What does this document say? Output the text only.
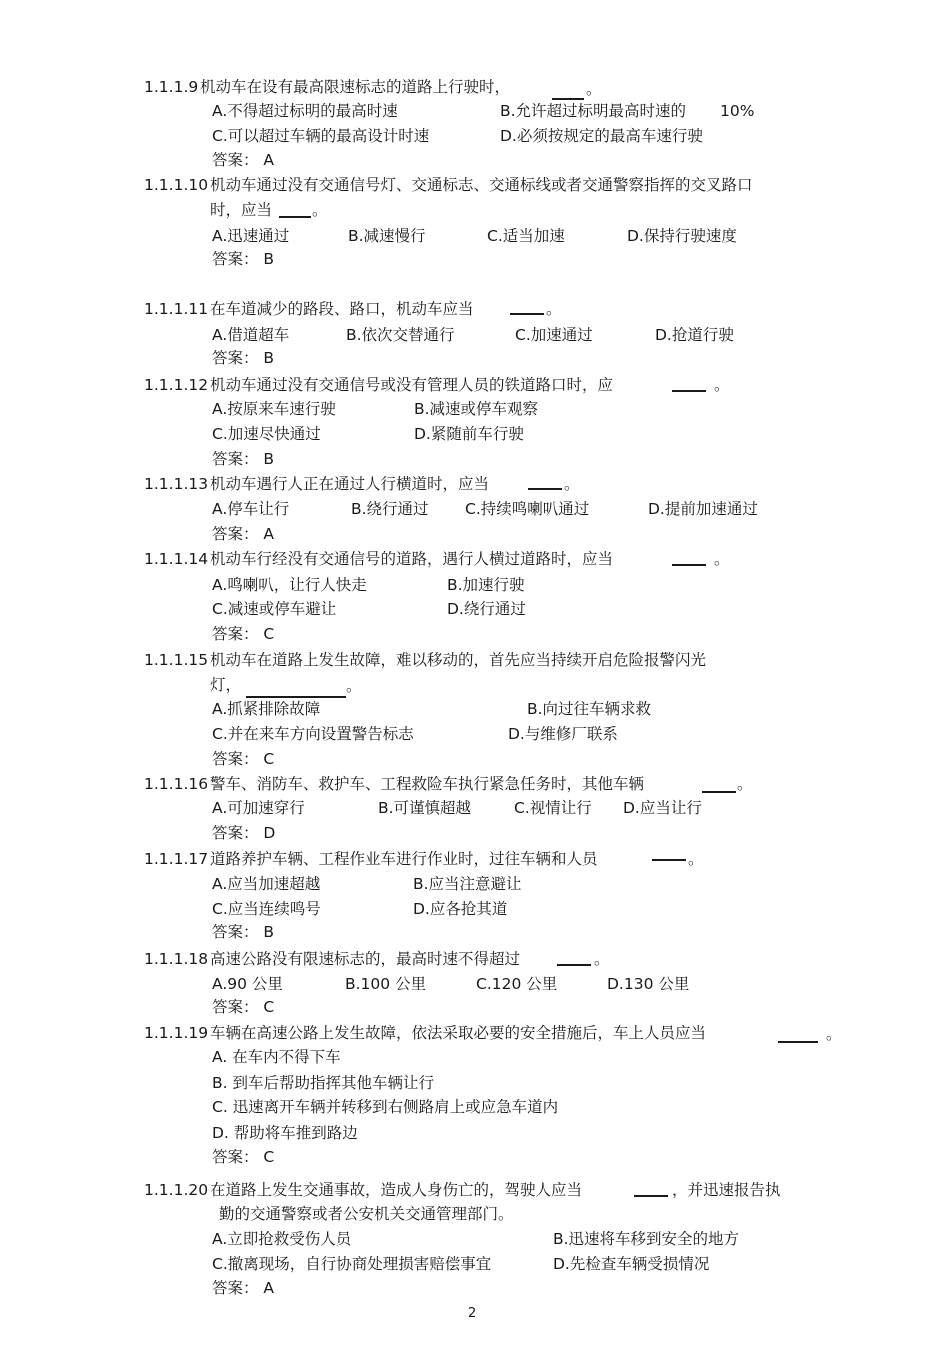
1.1.1.9 机动车在设有最高限速标志的道路上行驶时，	。
A.不得超过标明的最高时速	B.允许超过标明最高时速的 10%
C.可以超过车辆的最高设计时速	D.必须按规定的最高车速行驶
答案： A
1.1.1.10 机动车通过没有交通信号灯、交通标志、交通标线或者交通警察指挥的交叉路口
时，应当	。
A.迅速通过	B.减速慢行	C.适当加速	D.保持行驶速度
答案： B
1.1.1.11 在车道减少的路段、路口，机动车应当	。
A.借道超车	B.依次交替通行	C.加速通过	D.抢道行驶
答案： B
1.1.1.12 机动车通过没有交通信号或没有管理人员的铁道路口时，应	。
A.按原来车速行驶	B.减速或停车观察
C.加速尽快通过	D.紧随前车行驶
答案： B
1.1.1.13 机动车遇行人正在通过人行横道时，应当	。
A.停车让行	B.绕行通过 C.持续鸣喇叭通过	D.提前加速通过
答案： A
1.1.1.14 机动车行经没有交通信号的道路，遇行人横过道路时，应当	。
A.鸣喇叭，让行人快走	B.加速行驶
C.减速或停车避让	D.绕行通过
答案： C
1.1.1.15 机动车在道路上发生故障，难以移动的，首先应当持续开启危险报警闪光
灯，	。
A.抓紧排除故障	B.向过往车辆求救
C.并在来车方向设置警告标志	D.与维修厂联系
答案： C
1.1.1.16 警车、消防车、救护车、工程救险车执行紧急任务时，其他车辆	。
A.可加速穿行	B.可谨慎超越	C.视情让行 D.应当让行
答案： D
1.1.1.17 道路养护车辆、工程作业车进行作业时，过往车辆和人员	。
A.应当加速超越	B.应当注意避让
C.应当连续鸣号	D.应各抢其道
答案： B
1.1.1.18 高速公路没有限速标志的，最高时速不得超过	。
A.90 公里	B.100 公里	C.120 公里	D.130 公里
答案： C
1.1.1.19 车辆在高速公路上发生故障，依法采取必要的安全措施后，车上人员应当	。
A. 在车内不得下车
B. 到车后帮助指挥其他车辆让行
C. 迅速离开车辆并转移到右侧路肩上或应急车道内
D. 帮助将车推到路边
答案： C
1.1.1.20 在道路上发生交通事故，造成人身伤亡的，驾驶人应当	，并迅速报告执
勤的交通警察或者公安机关交通管理部门。
A.立即抢救受伤人员	B.迅速将车移到安全的地方
C.撤离现场，自行协商处理损害赔偿事宜	D.先检查车辆受损情况
答案： A
2
